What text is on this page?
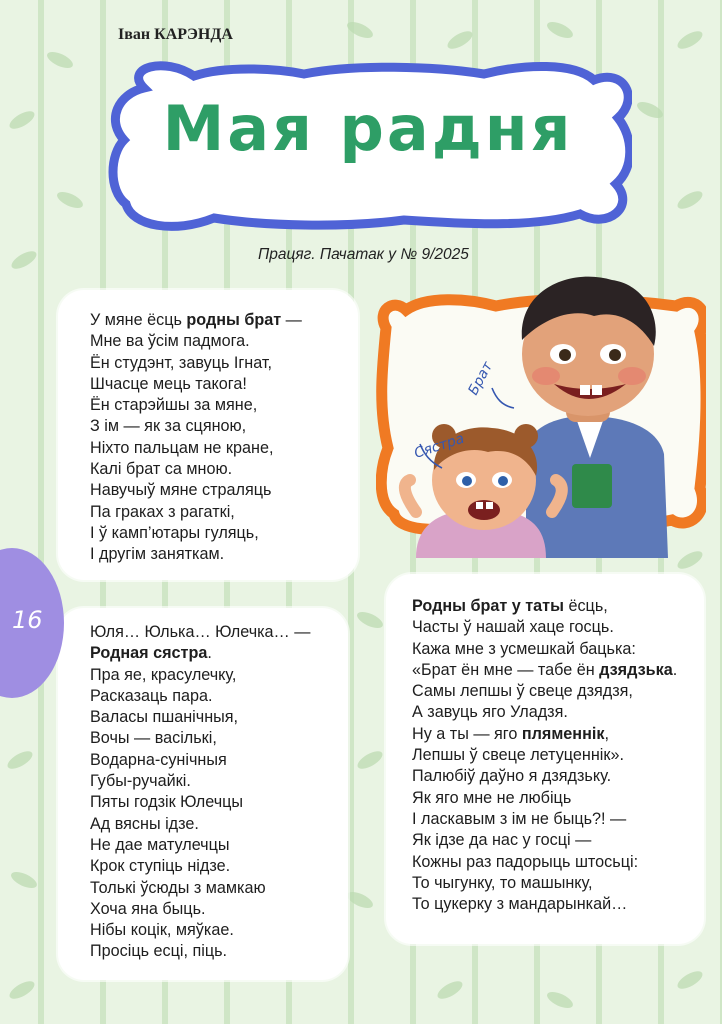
Іван КАРЭНДА
Мая радня
Працяг. Пачатак у № 9/2025
У мяне ёсць родны брат —
Мне ва ўсім падмога.
Ён студэнт, завуць Ігнат,
Шчасце мець такога!
Ён старэйшы за мяне,
З ім — як за сцяною,
Ніхто пальцам не кране,
Калі брат са мною.
Навучыў мяне страляць
Па граках з рагаткі,
І ў камп’ютары гуляць,
І другім заняткам.
Юля… Юлька… Юлечка… —
Родная сястра.
Пра яе, красулечку,
Расказаць пара.
Валасы пшанічныя,
Вочы — васількі,
Водарна-сунічныя
Губы-ручайкі.
Пяты годзік Юлечцы
Ад вясны ідзе.
Не дае матулечцы
Крок ступіць нідзе.
Толькі ўсюды з мамкаю
Хоча яна быць.
Нібы коцік, мяўкае.
Просіць есці, піць.
Родны брат у таты ёсць,
Часты ў нашай хаце госць.
Кажа мне з усмешкай бацька:
«Брат ён мне — табе ён дзядзька.
Самы лепшы ў свеце дзядзя,
А завуць яго Уладзя.
Ну а ты — яго пляменнік,
Лепшы ў свеце летуценнік».
Палюбіў даўно я дзядзьку.
Як яго мне не любіць
І ласкавым з ім не быць?! —
Як ідзе да нас у госці —
Кожны раз падорыць штосьці:
То чыгунку, то машынку,
То цукерку з мандарынкай…
16
Брат
Сястра
